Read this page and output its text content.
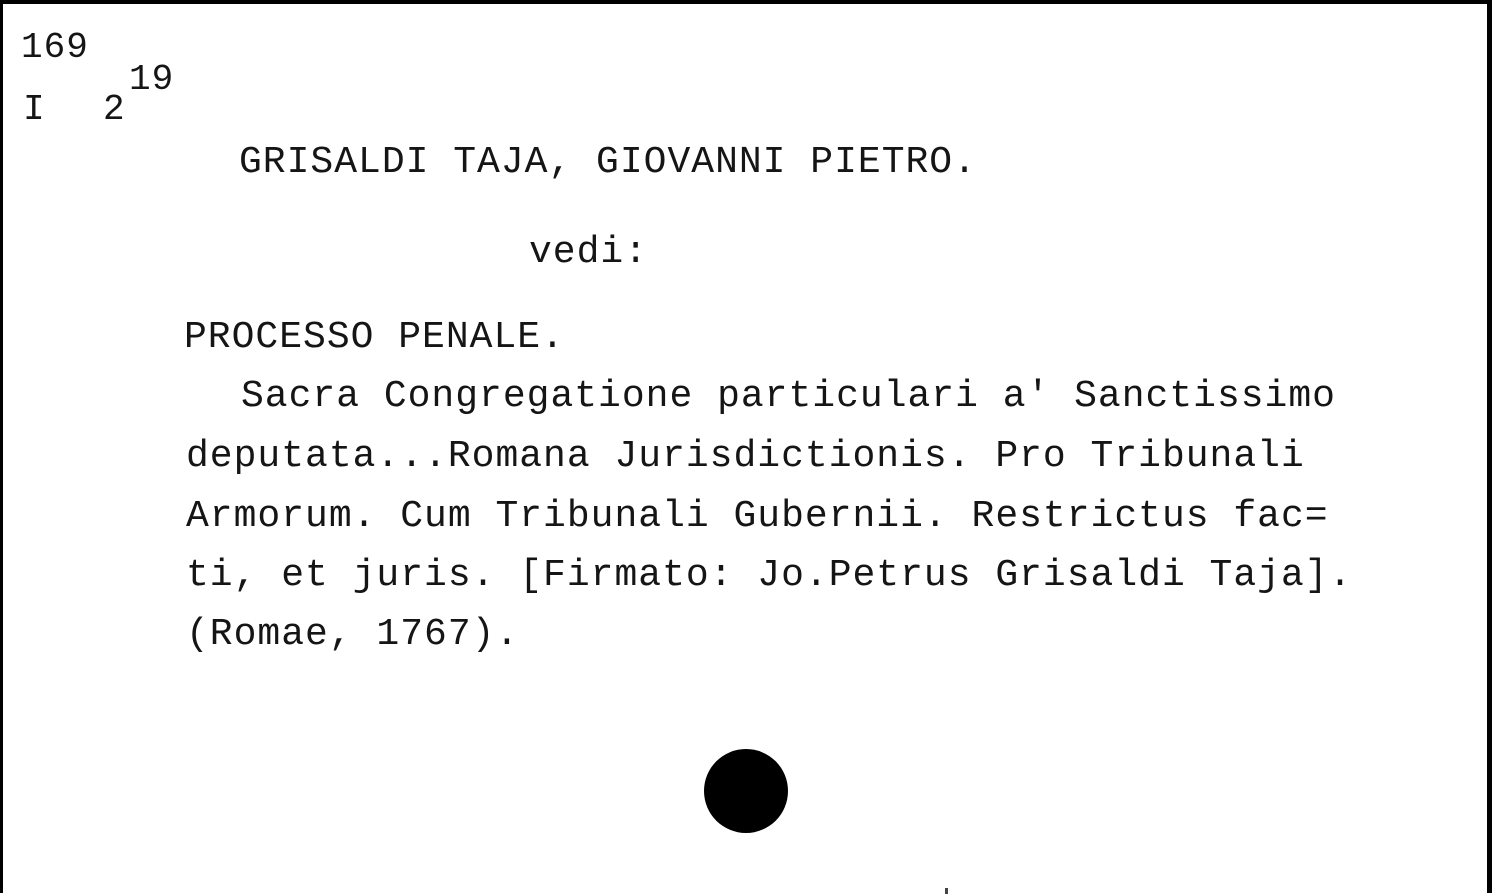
169
I 2
19
GRISALDI TAJA, GIOVANNI PIETRO.
vedi:
PROCESSO PENALE.
Sacra Congregatione particulari a' Sanctissimo
deputata...Romana Jurisdictionis. Pro Tribunali
Armorum. Cum Tribunali Gubernii. Restrictus fac=
ti, et juris. [Firmato: Jo.Petrus Grisaldi Taja].
(Romae, 1767).
